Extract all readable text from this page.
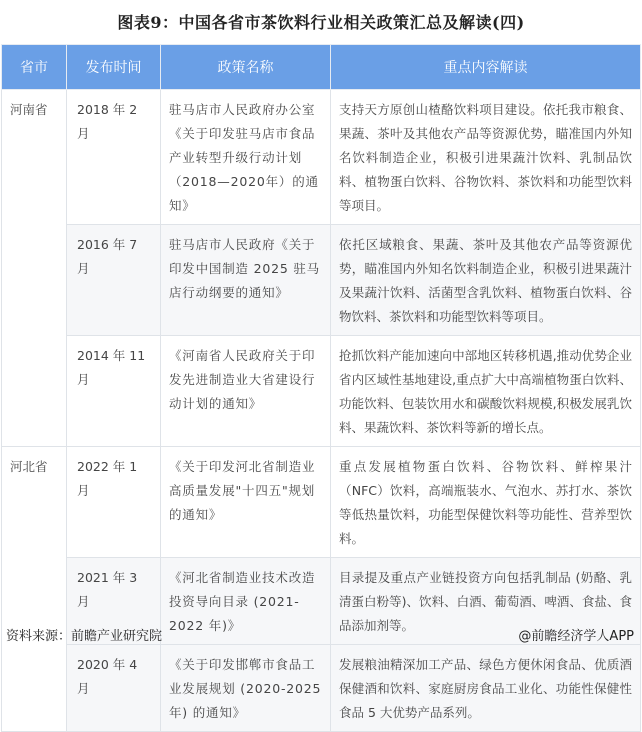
图表9：中国各省市茶饮料行业相关政策汇总及解读(四)
省市	发布时间	政策名称	重点内容解读
河南省	2018 年 2 月	驻马店市人民政府办公室《关于印发驻马店市食品产业转型升级行动计划（2018—2020年）的通知》	支持天方原创山楂酪饮料项目建设。依托我市粮食、果蔬、茶叶及其他农产品等资源优势，瞄准国内外知名饮料制造企业，积极引进果蔬汁饮料、乳制品饮料、植物蛋白饮料、谷物饮料、茶饮料和功能型饮料等项目。
	2016 年 7 月	驻马店市人民政府《关于印发中国制造 2025 驻马店行动纲要的通知》	依托区域粮食、果蔬、茶叶及其他农产品等资源优势，瞄准国内外知名饮料制造企业，积极引进果蔬汁及果蔬汁饮料、活菌型含乳饮料、植物蛋白饮料、谷物饮料、茶饮料和功能型饮料等项目。
	2014 年 11 月	《河南省人民政府关于印发先进制造业大省建设行动计划的通知》	抢抓饮料产能加速向中部地区转移机遇,推动优势企业省内区域性基地建设,重点扩大中高端植物蛋白饮料、功能饮料、包装饮用水和碳酸饮料规模,积极发展乳饮料、果蔬饮料、茶饮料等新的增长点。
河北省	2022 年 1 月	《关于印发河北省制造业高质量发展"十四五"规划的通知》	重点发展植物蛋白饮料、谷物饮料、鲜榨果汁（NFC）饮料，高端瓶装水、气泡水、苏打水、茶饮等低热量饮料，功能型保健饮料等功能性、营养型饮料。
	2021 年 3 月	《河北省制造业技术改造投资导向目录 (2021-2022 年)》	目录提及重点产业链投资方向包括乳制品 (奶酪、乳清蛋白粉等)、饮料、白酒、葡萄酒、啤酒、食盐、食品添加剂等。
	2020 年 4 月	《关于印发邯郸市食品工业发展规划 (2020-2025 年) 的通知》	发展粮油精深加工产品、绿色方便休闲食品、优质酒保健酒和饮料、家庭厨房食品工业化、功能性保健性食品 5 大优势产品系列。
资料来源：前瞻产业研究院	@前瞻经济学人APP
